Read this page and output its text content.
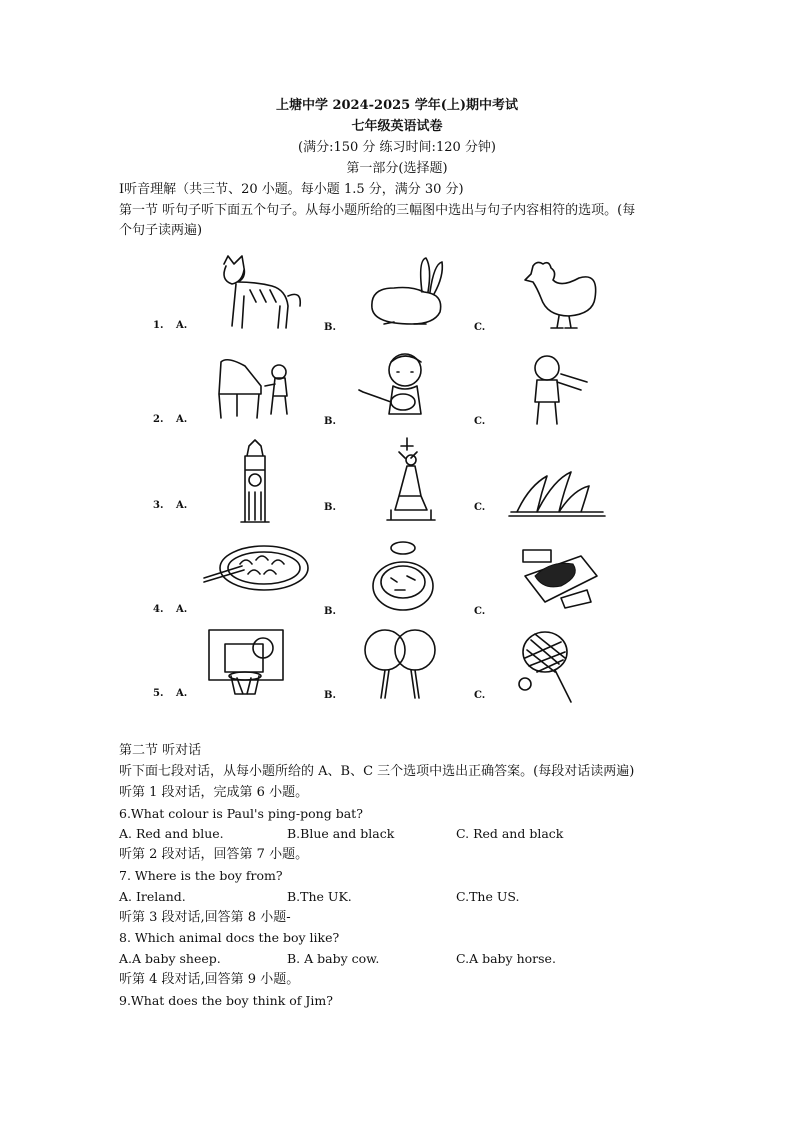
上塘中学 2024-2025 学年(上)期中考试
七年级英语试卷
(满分:150 分 练习时间:120 分钟)
第一部分(选择题)
I听音理解（共三节、20 小题。每小题 1.5 分，满分 30 分)
第一节 听句子听下面五个句子。从每小题所给的三幅图中选出与句子内容相符的选项。(每
个句子读两遍)
1. A.	B.	C.
2. A.	B.	C.
3. A.	B.	C.
4. A.	B.	C.
5. A.	B.	C.
第二节 听对话
听下面七段对话，从每小题所给的 A、B、C 三个选项中选出正确答案。(每段对话读两遍)
听第 1 段对话，完成第 6 小题。
6.What colour is Paul's ping-pong bat?
A. Red and blue.	B.Blue and black	C. Red and black
听第 2 段对话，回答第 7 小题。
7. Where is the boy from?
A. Ireland.	B.The UK.	C.The US.
听第 3 段对话,回答第 8 小题-
8. Which animal docs the boy like?
A.A baby sheep.	B. A baby cow.	C.A baby horse.
听第 4 段对话,回答第 9 小题。
9.What does the boy think of Jim?
